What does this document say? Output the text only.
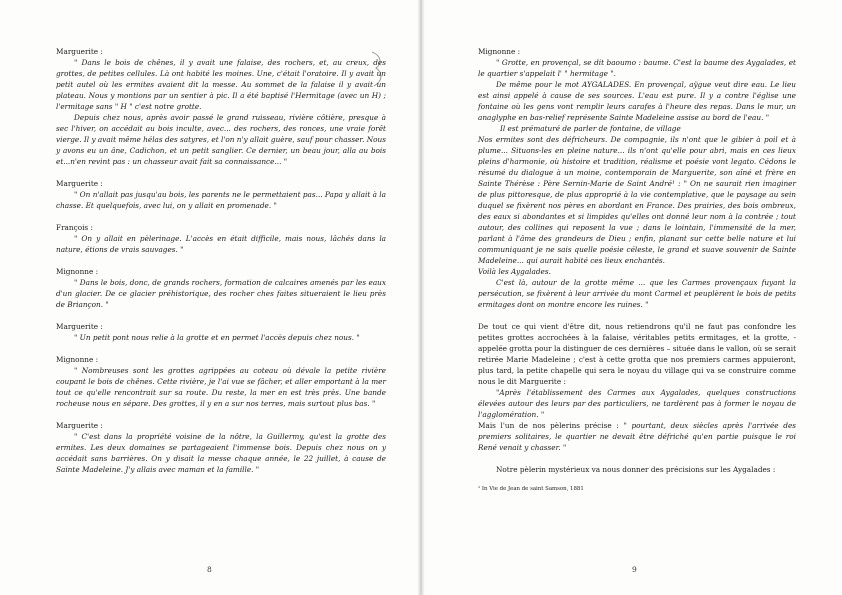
Marguerite :
" Dans le bois de chênes, il y avait une falaise, des rochers, et, au creux, des grottes, de petites cellules. Là ont habité les moines. Une, c'était l'oratoire. Il y avait un petit autel où les ermites avaient dit la messe. Au sommet de la falaise il y avait un plateau. Nous y montions par un sentier à pic. Il a été baptisé l'Hermitage (avec un H) ; l'ermitage sans " H " c'est notre grotte.
Depuis chez nous, après avoir passé le grand ruisseau, rivière côtière, presque à sec l'hiver, on accédait au bois inculte, avec... des rochers, des ronces, une vraie forêt vierge. Il y avait même hélas des satyres, et l'on n'y allait guère, sauf pour chasser. Nous y avons eu un âne, Cadichon, et un petit sanglier. Ce dernier, un beau jour, alla au bois et...n'en revint pas : un chasseur avait fait sa connaissance... "
Marguerite :
" On n'allait pas jusqu'au bois, les parents ne le permettaient pas... Papa y allait à la chasse. Et quelquefois, avec lui, on y allait en promenade. "
François :
" On y allait en pèlerinage. L'accès en était difficile, mais nous, lâchés dans la nature, étions de vrais sauvages. "
Mignonne :
" Dans le bois, donc, de grands rochers, formation de calcaires amenés par les eaux d'un glacier. De ce glacier préhistorique, des rocher ches faites situeraient le lieu près de Briançon. "
Marguerite :
" Un petit pont nous relie à la grotte et en permet l'accès depuis chez nous. "
Mignonne :
" Nombreuses sont les grottes agrippées au coteau où dévale la petite rivière coupant le bois de chênes. Cette rivière, je l'ai vue se fâcher, et aller emportant à la mer tout ce qu'elle rencontrait sur sa route. Du reste, la mer en est très près. Une bande rocheuse nous en sépare. Des grottes, il y en a sur nos terres, mais surtout plus bas. "
Marguerite :
" C'est dans la propriété voisine de la nôtre, la Guillermy, qu'est la grotte des ermites. Les deux domaines se partageaient l'immense bois. Depuis chez nous on y accédait sans barrières. On y disait la messe chaque année, le 22 juillet, à cause de Sainte Madeleine. J'y allais avec maman et la famille. "
Mignonne :
" Grotte, en provençal, se dit baoumo : baume. C'est la baume des Aygalades, et le quartier s'appelait l' " hermitage ".
De même pour le mot AYGALADES. En provençal, aÿgue veut dire eau. Le lieu est ainsi appelé à cause de ses sources. L'eau est pure. Il y a contre l'église une fontaine où les gens vont remplir leurs carafes à l'heure des repas. Dans le mur, un anaglyphe en bas-relief représente Sainte Madeleine assise au bord de l'eau. "
Il est prématuré de parler de fontaine, de village
Nos ermites sont des défricheurs. De compagnie, ils n'ont que le gibier à poil et à plume... Situons-les en pleine nature... ils n'ont qu'elle pour abri, mais en ces lieux pleins d'harmonie, où histoire et tradition, réalisme et poésie vont legato. Cédons le résumé du dialogue à un moine, contemporain de Marguerite, son aîné et frère en Sainte Thérèse : Père Sernin-Marie de Saint André¹ : " On ne saurait rien imaginer de plus pittoresque, de plus approprié à la vie contemplative, que le paysage au sein duquel se fixèrent nos pères en abordant en France. Des prairies, des bois ombreux, des eaux si abondantes et si limpides qu'elles ont donné leur nom à la contrée ; tout autour, des collines qui reposent la vue ; dans le lointain, l'immensité de la mer, parlant à l'âme des grandeurs de Dieu ; enfin, planant sur cette belle nature et lui communiquant je ne sais quelle poésie céleste, le grand et suave souvenir de Sainte Madeleine... qui aurait habité ces lieux enchantés.
Voilà les Aygalades.
C'est là, autour de la grotte même ... que les Carmes provençaux fuyant la persécution, se fixèrent à leur arrivée du mont Carmel et peuplèrent le bois de petits ermitages dont on montre encore les ruines. "
De tout ce qui vient d'être dit, nous retiendrons qu'il ne faut pas confondre les petites grottes accrochées à la falaise, véritables petits ermitages, et la grotte, -appelée grotta pour la distinguer de ces dernières – située dans le vallon, où se serait retirée Marie Madeleine ; c'est à cette grotta que nos premiers carmes appuieront, plus tard, la petite chapelle qui sera le noyau du village qui va se construire comme nous le dit Marguerite :
"Après l'établissement des Carmes aux Aygalades, quelques constructions élevées autour des leurs par des particuliers, ne tardèrent pas à former le noyau de l'agglomération. "
Mais l'un de nos pèlerins précise : " pourtant, deux siècles après l'arrivée des premiers solitaires, le quartier ne devait être défriché qu'en partie puisque le roi René venait y chasser. "
Notre pèlerin mystérieux va nous donner des précisions sur les Aygalades :
¹ In Vie de Jean de saint Samson, 1881
8	9
